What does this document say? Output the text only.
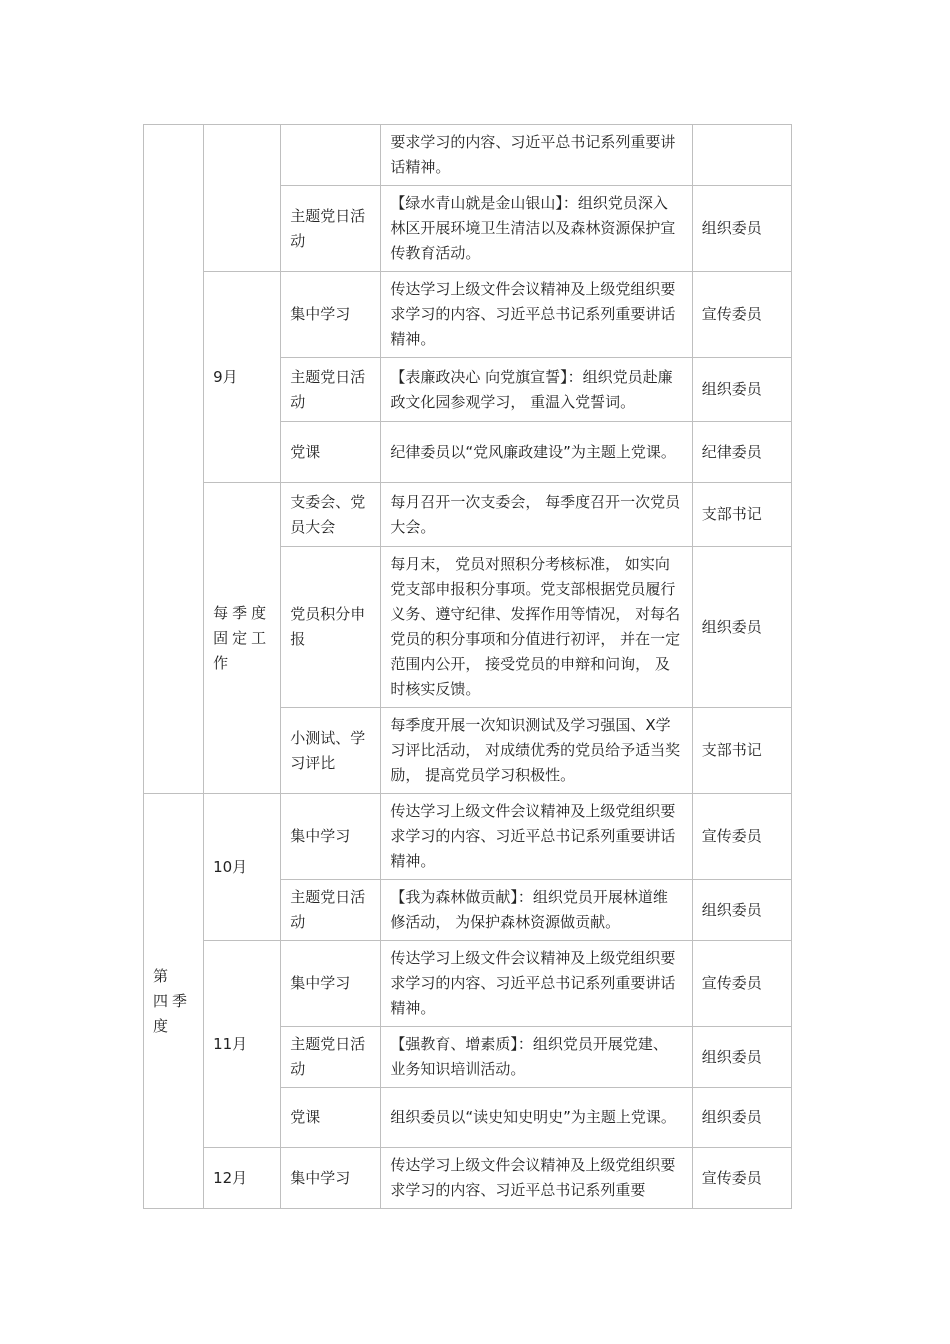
			要求学习的内容、习近平总书记系列重要讲话精神。	
		主题党日活动	【绿水青山就是金山银山】：组织党员深入林区开展环境卫生清洁以及森林资源保护宣传教育活动。	组织委员
	9月	集中学习	传达学习上级文件会议精神及上级党组织要求学习的内容、习近平总书记系列重要讲话精神。	宣传委员
		主题党日活动	【表廉政决心 向党旗宣誓】：组织党员赴廉政文化园参观学习， 重温入党誓词。	组织委员
		党课	纪律委员以“党风廉政建设”为主题上党课。	纪律委员
	每季度固定工作	支委会、党员大会	每月召开一次支委会， 每季度召开一次党员大会。	支部书记
		党员积分申报	每月末， 党员对照积分考核标准， 如实向党支部申报积分事项。党支部根据党员履行义务、遵守纪律、发挥作用等情况， 对每名党员的积分事项和分值进行初评， 并在一定范围内公开， 接受党员的申辩和问询， 及时核实反馈。	组织委员
		小测试、学习评比	每季度开展一次知识测试及学习强国、X学习评比活动， 对成绩优秀的党员给予适当奖励， 提高党员学习积极性。	支部书记
第 四季度	10月	集中学习	传达学习上级文件会议精神及上级党组织要求学习的内容、习近平总书记系列重要讲话精神。	宣传委员
		主题党日活动	【我为森林做贡献】：组织党员开展林道维修活动， 为保护森林资源做贡献。	组织委员
	11月	集中学习	传达学习上级文件会议精神及上级党组织要求学习的内容、习近平总书记系列重要讲话精神。	宣传委员
		主题党日活动	【强教育、增素质】：组织党员开展党建、业务知识培训活动。	组织委员
		党课	组织委员以“读史知史明史”为主题上党课。	组织委员
	12月	集中学习	传达学习上级文件会议精神及上级党组织要求学习的内容、习近平总书记系列重要	宣传委员
